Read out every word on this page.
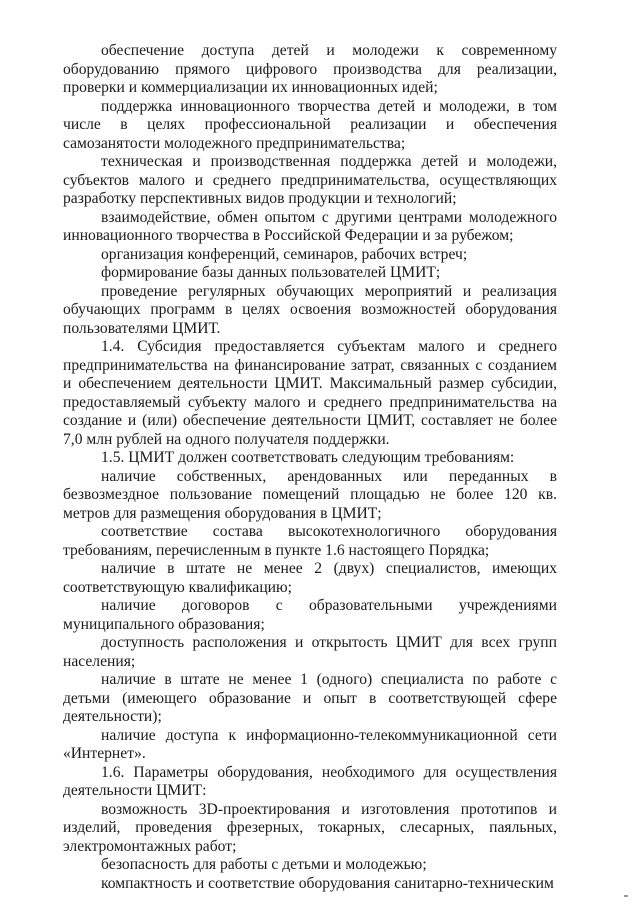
обеспечение доступа детей и молодежи к современному оборудованию прямого цифрового производства для реализации, проверки и коммерциализации их инновационных идей;

поддержка инновационного творчества детей и молодежи, в том числе в целях профессиональной реализации и обеспечения самозанятости молодежного предпринимательства;

техническая и производственная поддержка детей и молодежи, субъектов малого и среднего предпринимательства, осуществляющих разработку перспективных видов продукции и технологий;

взаимодействие, обмен опытом с другими центрами молодежного инновационного творчества в Российской Федерации и за рубежом;

организация конференций, семинаров, рабочих встреч;

формирование базы данных пользователей ЦМИТ;

проведение регулярных обучающих мероприятий и реализация обучающих программ в целях освоения возможностей оборудования пользователями ЦМИТ.

1.4. Субсидия предоставляется субъектам малого и среднего предпринимательства на финансирование затрат, связанных с созданием и обеспечением деятельности ЦМИТ. Максимальный размер субсидии, предоставляемый субъекту малого и среднего предпринимательства на создание и (или) обеспечение деятельности ЦМИТ, составляет не более 7,0 млн рублей на одного получателя поддержки.

1.5. ЦМИТ должен соответствовать следующим требованиям:

наличие собственных, арендованных или переданных в безвозмездное пользование помещений площадью не более 120 кв. метров для размещения оборудования в ЦМИТ;

соответствие состава высокотехнологичного оборудования требованиям, перечисленным в пункте 1.6 настоящего Порядка;

наличие в штате не менее 2 (двух) специалистов, имеющих соответствующую квалификацию;

наличие договоров с образовательными учреждениями муниципального образования;

доступность расположения и открытость ЦМИТ для всех групп населения;

наличие в штате не менее 1 (одного) специалиста по работе с детьми (имеющего образование и опыт в соответствующей сфере деятельности);

наличие доступа к информационно-телекоммуникационной сети «Интернет».

1.6. Параметры оборудования, необходимого для осуществления деятельности ЦМИТ:

возможность 3D-проектирования и изготовления прототипов и изделий, проведения фрезерных, токарных, слесарных, паяльных, электромонтажных работ;

безопасность для работы с детьми и молодежью;

компактность и соответствие оборудования санитарно-техническим
